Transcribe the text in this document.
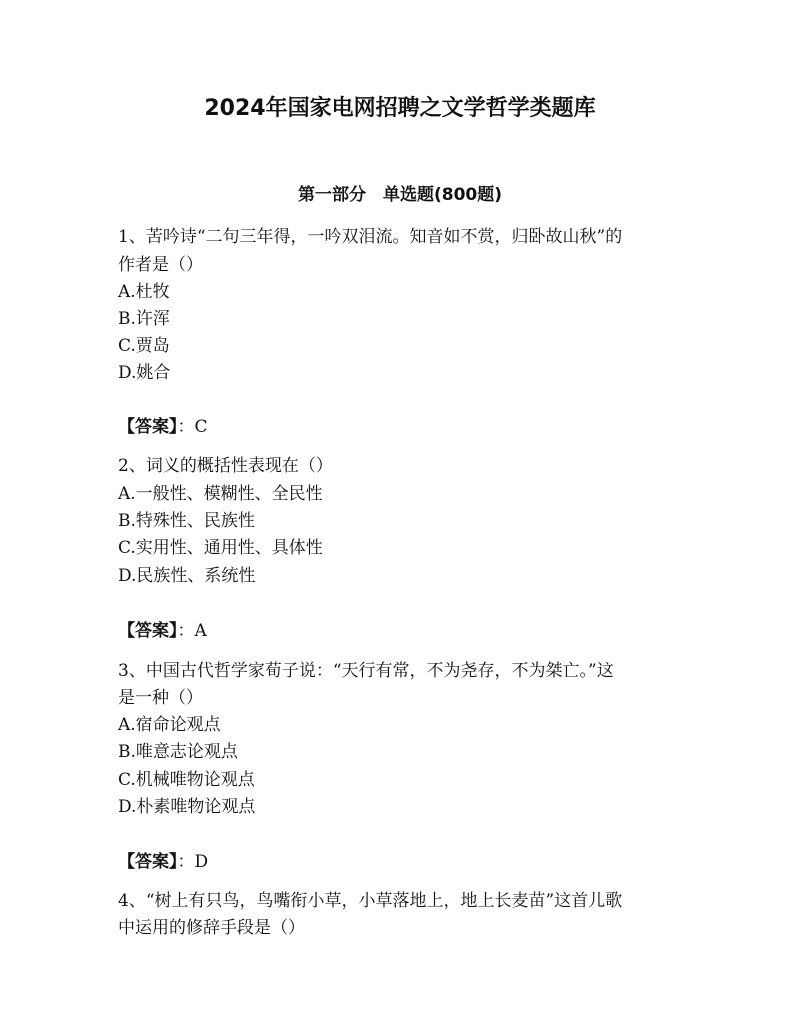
2024年国家电网招聘之文学哲学类题库
第一部分　单选题(800题)

1、苦吟诗“二句三年得，一吟双泪流。知音如不赏，归卧故山秋”的

作者是（）

A.杜牧

B.许浑

C.贾岛

D.姚合

【答案】：C

2、词义的概括性表现在（）

A.一般性、模糊性、全民性

B.特殊性、民族性

C.实用性、通用性、具体性

D.民族性、系统性

【答案】：A

3、中国古代哲学家荀子说：“天行有常，不为尧存，不为桀亡。”这

是一种（）

A.宿命论观点

B.唯意志论观点

C.机械唯物论观点

D.朴素唯物论观点

【答案】：D

4、“树上有只鸟，鸟嘴衔小草，小草落地上，地上长麦苗”这首儿歌

中运用的修辞手段是（）
